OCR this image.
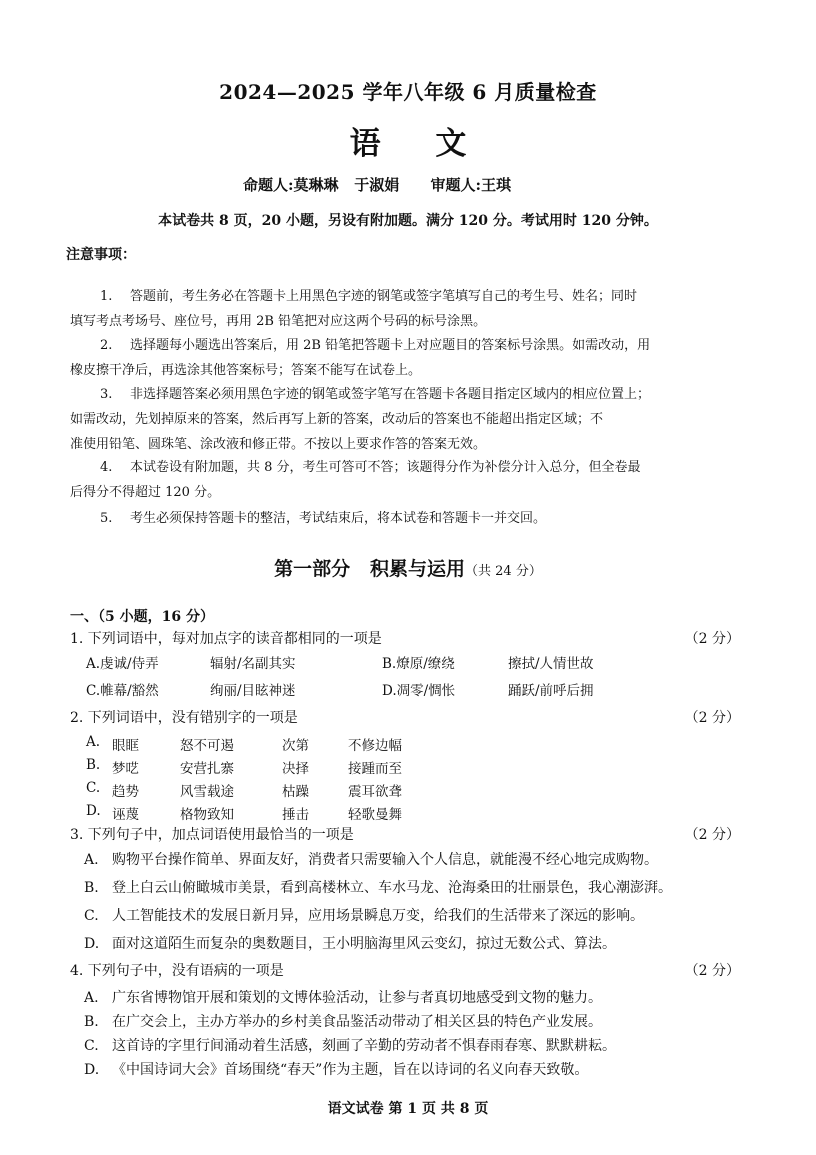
2024—2025 学年八年级 6 月质量检查
语 文
命题人:莫琳琳   于淑娟      审题人:王琪
本试卷共 8 页，20 小题，另设有附加题。满分 120 分。考试用时 120 分钟。
注意事项：
1. 答题前，考生务必在答题卡上用黑色字迹的钢笔或签字笔填写自己的考生号、姓名；同时
填写考点考场号、座位号，再用 2B 铅笔把对应这两个号码的标号涂黑。
2. 选择题每小题选出答案后，用 2B 铅笔把答题卡上对应题目的答案标号涂黑。如需改动，用
橡皮擦干净后，再选涂其他答案标号；答案不能写在试卷上。
3. 非选择题答案必须用黑色字迹的钢笔或签字笔写在答题卡各题目指定区域内的相应位置上；
如需改动，先划掉原来的答案，然后再写上新的答案，改动后的答案也不能超出指定区域；不
准使用铅笔、圆珠笔、涂改液和修正带。不按以上要求作答的答案无效。
4. 本试卷设有附加题，共 8 分，考生可答可不答；该题得分作为补偿分计入总分，但全卷最
后得分不得超过 120 分。
5. 考生必须保持答题卡的整洁，考试结束后，将本试卷和答题卡一并交回。
第一部分   积累与运用（共 24 分）
一、（5 小题，16 分）
1. 下列词语中，每对加点字的读音都相同的一项是	（2 分）
A.虔诚/侍弄	辐射/名副其实	B.燎原/缭绕	擦拭/人情世故
C.帷幕/豁然	绚丽/目眩神迷	D.凋零/惆怅	踊跃/前呼后拥
2. 下列词语中，没有错别字的一项是	（2 分）
A. 眼眶	怒不可遏	次第	不修边幅
B. 梦呓	安营扎寨	决择	接踵而至
C. 趋势	风雪载途	枯躁	震耳欲聋
D. 诬蔑	格物致知	捶击	轻歌曼舞
3. 下列句子中，加点词语使用最恰当的一项是	（2 分）
A. 购物平台操作简单、界面友好，消费者只需要输入个人信息，就能漫不经心地完成购物。
B. 登上白云山俯瞰城市美景，看到高楼林立、车水马龙、沧海桑田的壮丽景色，我心潮澎湃。
C. 人工智能技术的发展日新月异，应用场景瞬息万变，给我们的生活带来了深远的影响。
D. 面对这道陌生而复杂的奥数题目，王小明脑海里风云变幻，掠过无数公式、算法。
4. 下列句子中，没有语病的一项是	（2 分）
A. 广东省博物馆开展和策划的文博体验活动，让参与者真切地感受到文物的魅力。
B. 在广交会上，主办方举办的乡村美食品鉴活动带动了相关区县的特色产业发展。
C. 这首诗的字里行间涌动着生活感，刻画了辛勤的劳动者不惧春雨春寒、默默耕耘。
D. 《中国诗词大会》首场围绕“春天”作为主题，旨在以诗词的名义向春天致敬。
语文试卷 第 1 页 共 8 页
